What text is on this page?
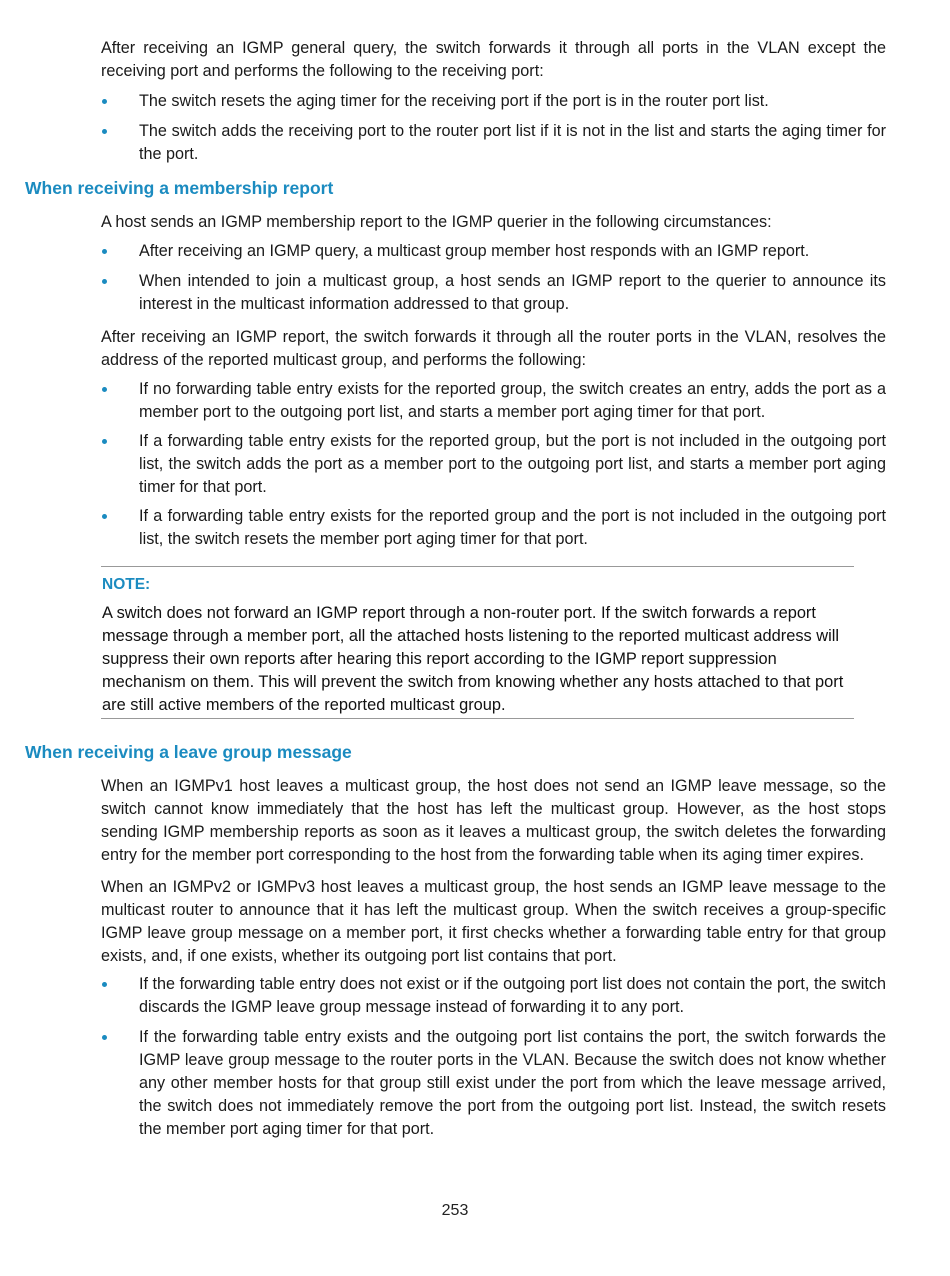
After receiving an IGMP general query, the switch forwards it through all ports in the VLAN except the receiving port and performs the following to the receiving port:

The switch resets the aging timer for the receiving port if the port is in the router port list.
The switch adds the receiving port to the router port list if it is not in the list and starts the aging timer for the port.
When receiving a membership report

A host sends an IGMP membership report to the IGMP querier in the following circumstances:

After receiving an IGMP query, a multicast group member host responds with an IGMP report.
When intended to join a multicast group, a host sends an IGMP report to the querier to announce its interest in the multicast information addressed to that group.

After receiving an IGMP report, the switch forwards it through all the router ports in the VLAN, resolves the address of the reported multicast group, and performs the following:

If no forwarding table entry exists for the reported group, the switch creates an entry, adds the port as a member port to the outgoing port list, and starts a member port aging timer for that port.
If a forwarding table entry exists for the reported group, but the port is not included in the outgoing port list, the switch adds the port as a member port to the outgoing port list, and starts a member port aging timer for that port.
If a forwarding table entry exists for the reported group and the port is not included in the outgoing port list, the switch resets the member port aging timer for that port.

NOTE:

A switch does not forward an IGMP report through a non-router port. If the switch forwards a report message through a member port, all the attached hosts listening to the reported multicast address will suppress their own reports after hearing this report according to the IGMP report suppression mechanism on them. This will prevent the switch from knowing whether any hosts attached to that port are still active members of the reported multicast group.

When receiving a leave group message

When an IGMPv1 host leaves a multicast group, the host does not send an IGMP leave message, so the switch cannot know immediately that the host has left the multicast group. However, as the host stops sending IGMP membership reports as soon as it leaves a multicast group, the switch deletes the forwarding entry for the member port corresponding to the host from the forwarding table when its aging timer expires.

When an IGMPv2 or IGMPv3 host leaves a multicast group, the host sends an IGMP leave message to the multicast router to announce that it has left the multicast group. When the switch receives a group-specific IGMP leave group message on a member port, it first checks whether a forwarding table entry for that group exists, and, if one exists, whether its outgoing port list contains that port.

If the forwarding table entry does not exist or if the outgoing port list does not contain the port, the switch discards the IGMP leave group message instead of forwarding it to any port.
If the forwarding table entry exists and the outgoing port list contains the port, the switch forwards the IGMP leave group message to the router ports in the VLAN. Because the switch does not know whether any other member hosts for that group still exist under the port from which the leave message arrived, the switch does not immediately remove the port from the outgoing port list. Instead, the switch resets the member port aging timer for that port.
253
